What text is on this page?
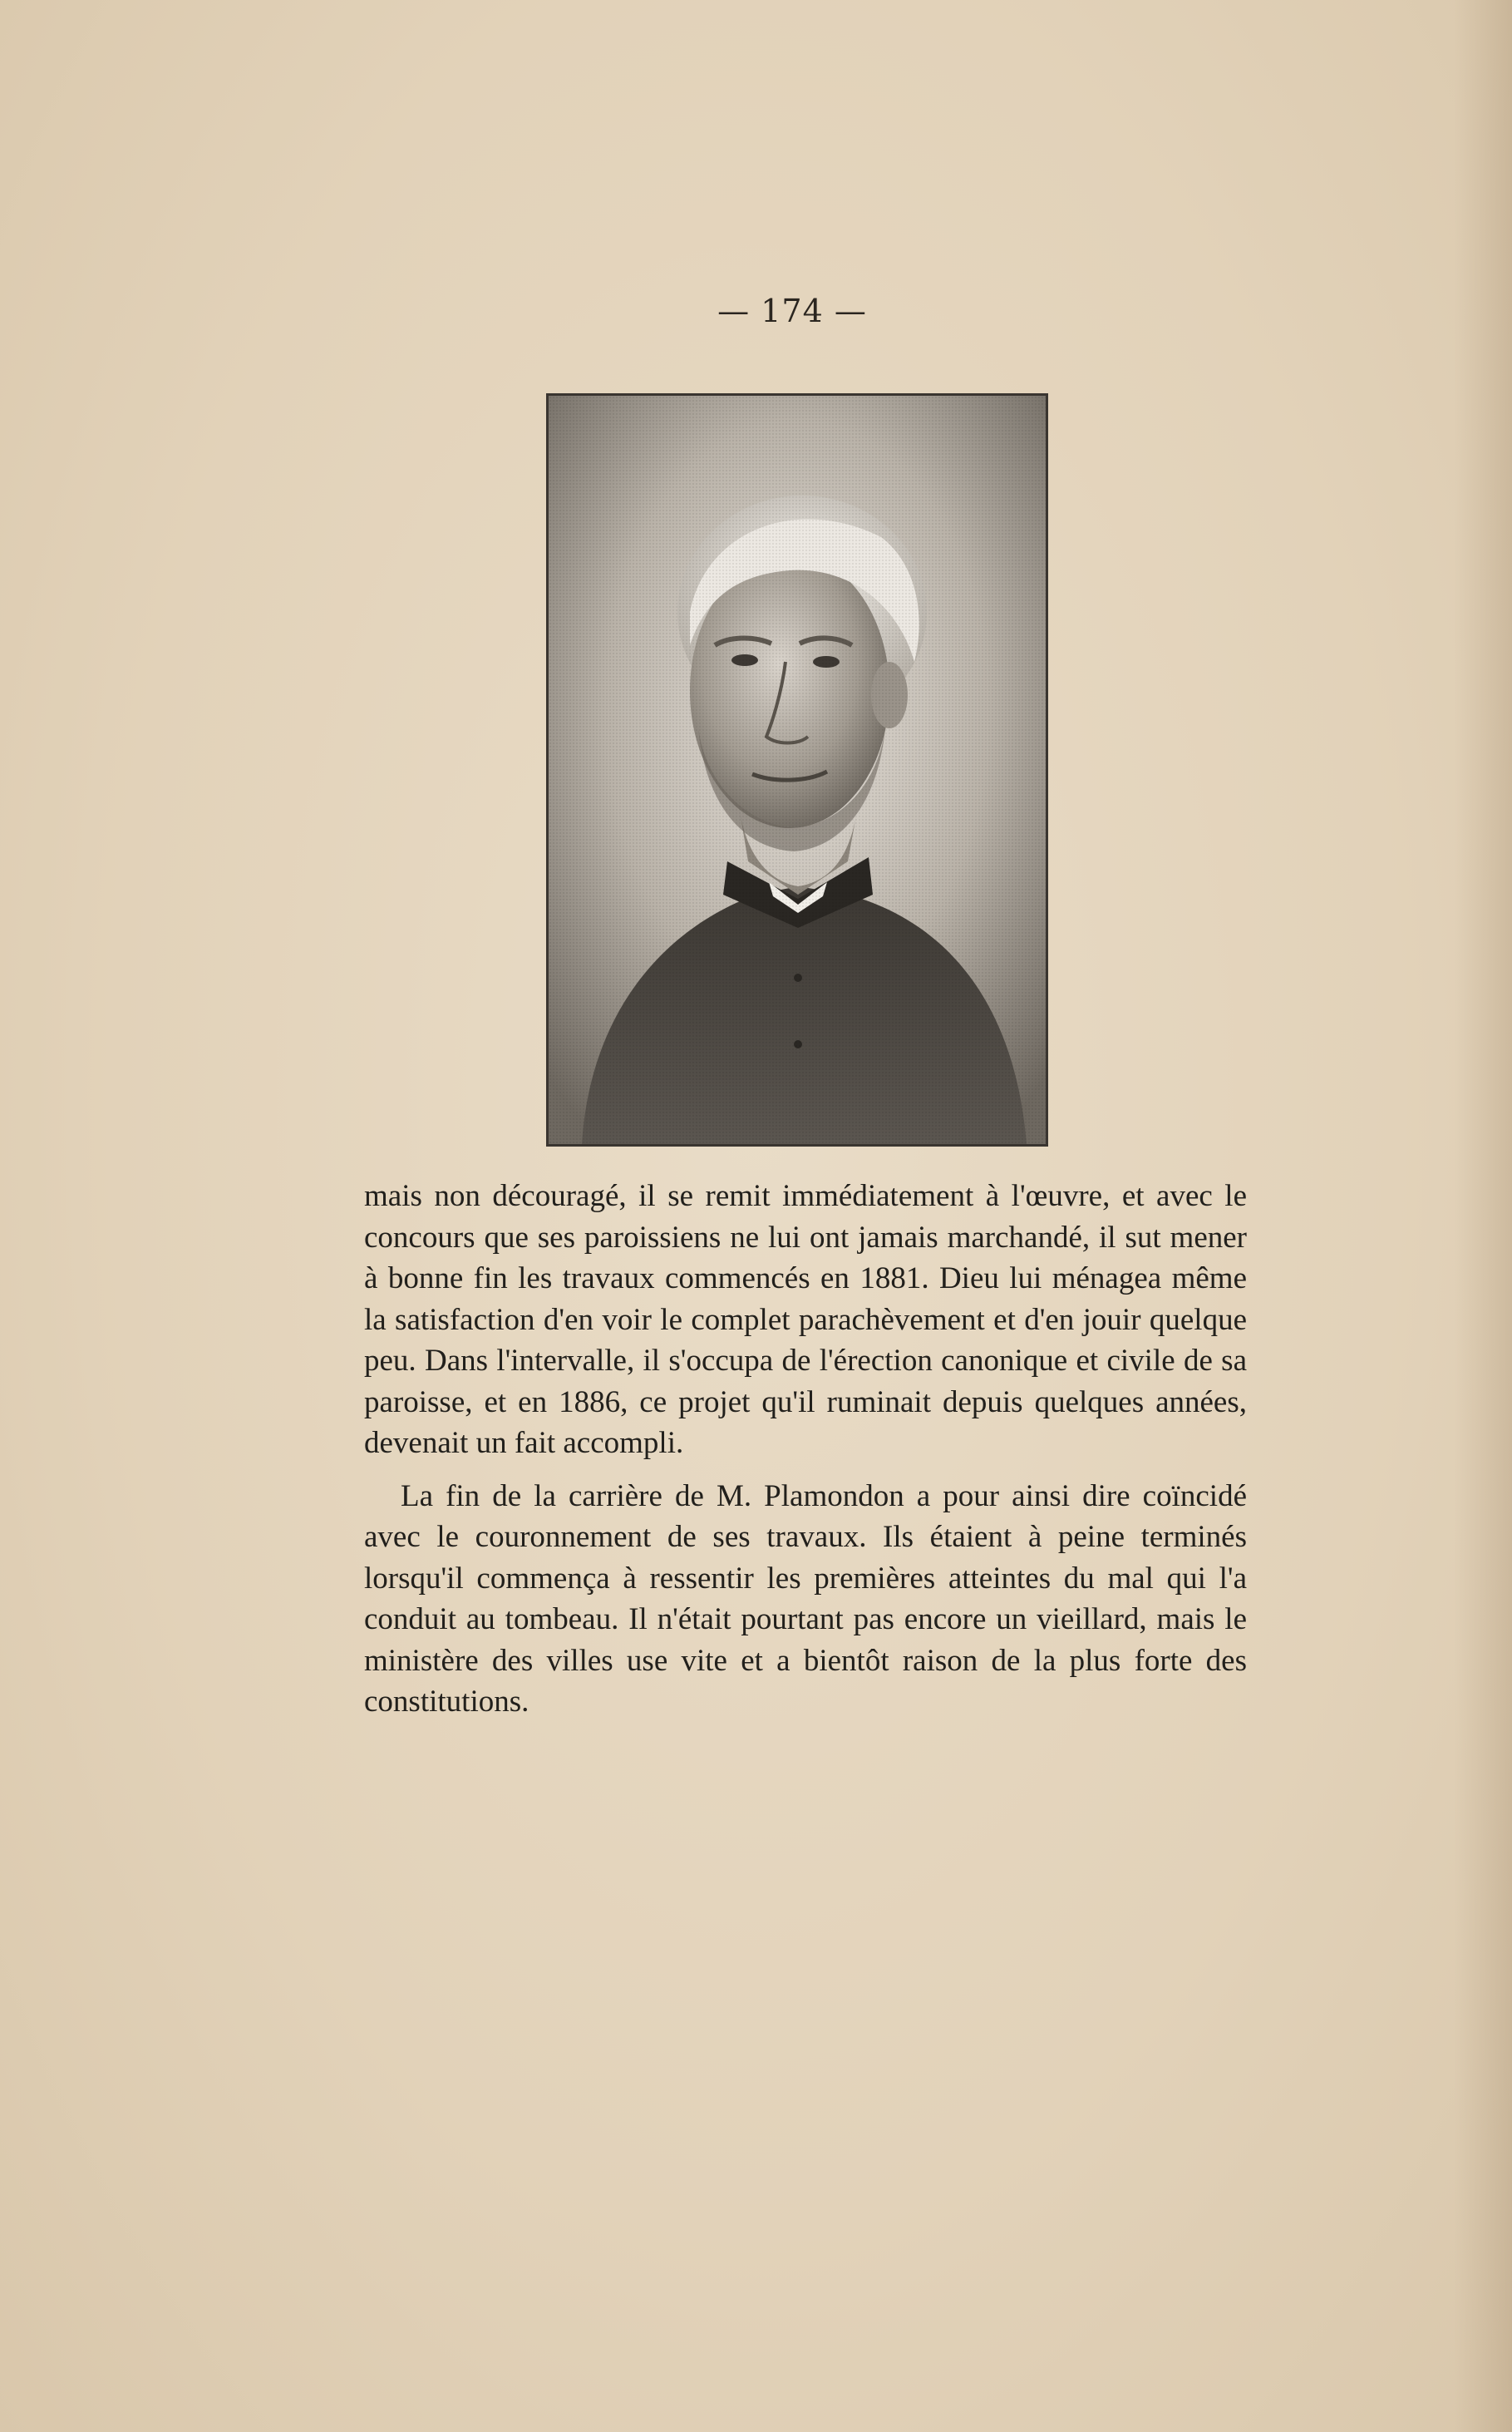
— 174 —

mais non découragé, il se remit immédiatement à l'œuvre, et avec le concours que ses paroissiens ne lui ont jamais marchandé, il sut mener à bonne fin les travaux commencés en 1881. Dieu lui ménagea même la satisfaction d'en voir le complet parachèvement et d'en jouir quelque peu. Dans l'intervalle, il s'occupa de l'érection canonique et civile de sa paroisse, et en 1886, ce projet qu'il ruminait depuis quelques années, devenait un fait accompli.

La fin de la carrière de M. Plamondon a pour ainsi dire coïncidé avec le couronnement de ses travaux. Ils étaient à peine terminés lorsqu'il commença à ressentir les premières atteintes du mal qui l'a conduit au tombeau. Il n'était pourtant pas encore un vieillard, mais le ministère des villes use vite et a bientôt raison de la plus forte des constitutions.
